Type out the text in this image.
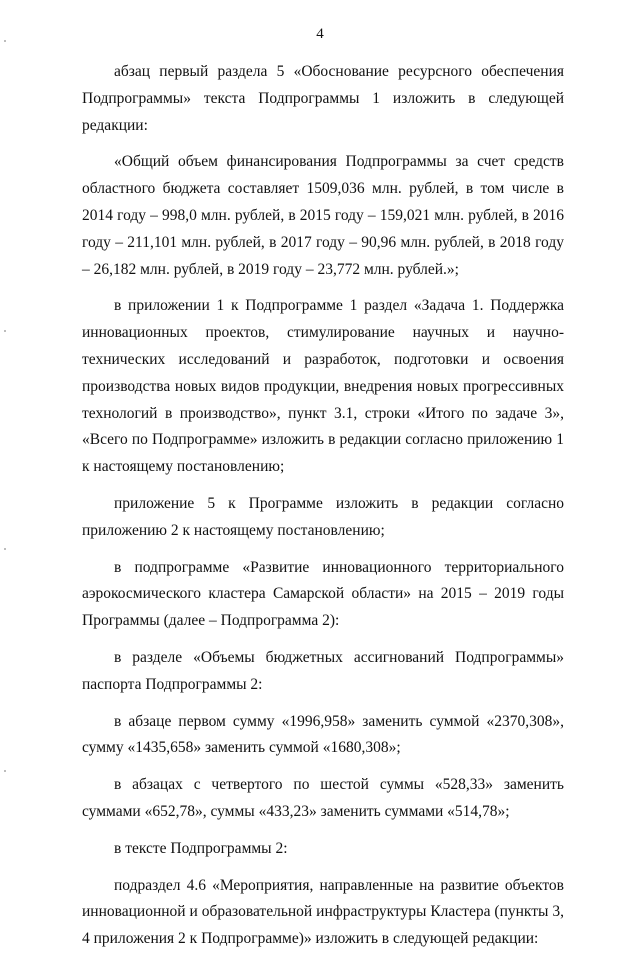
4

абзац первый раздела 5 «Обоснование ресурсного обеспечения Подпрограммы» текста Подпрограммы 1 изложить в следующей редакции:

«Общий объем финансирования Подпрограммы за счет средств областного бюджета составляет 1509,036 млн. рублей, в том числе в 2014 году – 998,0 млн. рублей, в 2015 году – 159,021 млн. рублей, в 2016 году – 211,101 млн. рублей, в 2017 году – 90,96 млн. рублей, в 2018 году – 26,182 млн. рублей, в 2019 году – 23,772 млн. рублей.»;

в приложении 1 к Подпрограмме 1 раздел «Задача 1. Поддержка инновационных проектов, стимулирование научных и научно-технических исследований и разработок, подготовки и освоения производства новых видов продукции, внедрения новых прогрессивных технологий в производство», пункт 3.1, строки «Итого по задаче 3», «Всего по Подпрограмме» изложить в редакции согласно приложению 1 к настоящему постановлению;

приложение 5 к Программе изложить в редакции согласно приложению 2 к настоящему постановлению;

в подпрограмме «Развитие инновационного территориального аэрокосмического кластера Самарской области» на 2015 – 2019 годы Программы (далее – Подпрограмма 2):

в разделе «Объемы бюджетных ассигнований Подпрограммы» паспорта Подпрограммы 2:

в абзаце первом сумму «1996,958» заменить суммой «2370,308», сумму «1435,658» заменить суммой «1680,308»;

в абзацах с четвертого по шестой суммы «528,33» заменить суммами «652,78», суммы «433,23» заменить суммами «514,78»;

в тексте Подпрограммы 2:

подраздел 4.6 «Мероприятия, направленные на развитие объектов инновационной и образовательной инфраструктуры Кластера (пункты 3, 4 приложения 2 к Подпрограмме)» изложить в следующей редакции:
